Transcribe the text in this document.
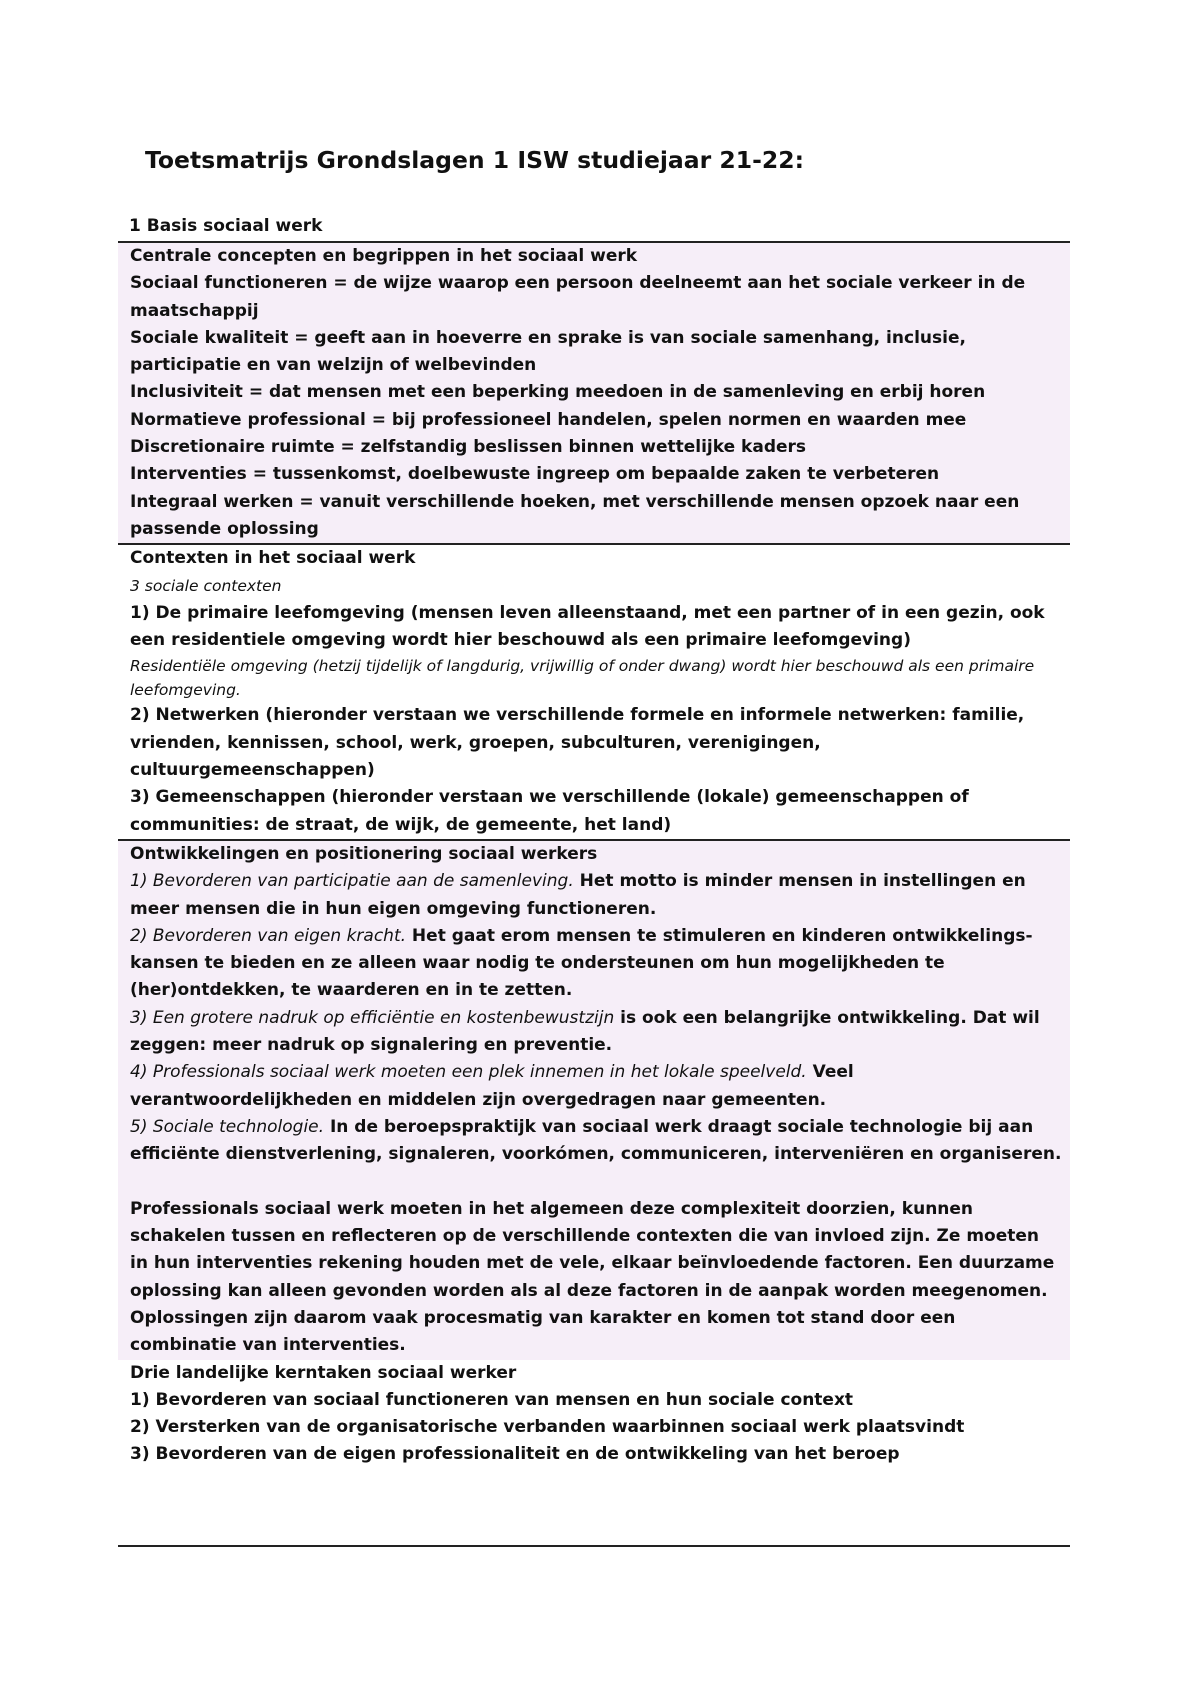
Toetsmatrijs Grondslagen 1 ISW studiejaar 21-22:
1 Basis sociaal werk

Centrale concepten en begrippen in het sociaal werk

Sociaal functioneren = de wijze waarop een persoon deelneemt aan het sociale verkeer in de maatschappij

Sociale kwaliteit = geeft aan in hoeverre en sprake is van sociale samenhang, inclusie, participatie en van welzijn of welbevinden

Inclusiviteit = dat mensen met een beperking meedoen in de samenleving en erbij horen

Normatieve professional = bij professioneel handelen, spelen normen en waarden mee

Discretionaire ruimte = zelfstandig beslissen binnen wettelijke kaders

Interventies = tussenkomst, doelbewuste ingreep om bepaalde zaken te verbeteren

Integraal werken = vanuit verschillende hoeken, met verschillende mensen opzoek naar een passende oplossing

Contexten in het sociaal werk

3 sociale contexten

1) De primaire leefomgeving (mensen leven alleenstaand, met een partner of in een gezin, ook een residentiele omgeving wordt hier beschouwd als een primaire leefomgeving)

Residentiële omgeving (hetzij tijdelijk of langdurig, vrijwillig of onder dwang) wordt hier beschouwd als een primaire leefomgeving.

2) Netwerken (hieronder verstaan we verschillende formele en informele netwerken: familie, vrienden, kennissen, school, werk, groepen, subculturen, verenigingen, cultuurgemeenschappen)

3) Gemeenschappen (hieronder verstaan we verschillende (lokale) gemeenschappen of communities: de straat, de wijk, de gemeente, het land)

Ontwikkelingen en positionering sociaal werkers

1) Bevorderen van participatie aan de samenleving. Het motto is minder mensen in instellingen en meer mensen die in hun eigen omgeving functioneren.

2) Bevorderen van eigen kracht. Het gaat erom mensen te stimuleren en kinderen ontwikkelings-kansen te bieden en ze alleen waar nodig te ondersteunen om hun mogelijkheden te (her)ontdekken, te waarderen en in te zetten.

3) Een grotere nadruk op efficiëntie en kostenbewustzijn is ook een belangrijke ontwikkeling. Dat wil zeggen: meer nadruk op signalering en preventie.

4) Professionals sociaal werk moeten een plek innemen in het lokale speelveld. Veel verantwoordelijkheden en middelen zijn overgedragen naar gemeenten.

5) Sociale technologie. In de beroepspraktijk van sociaal werk draagt sociale technologie bij aan efficiënte dienstverlening, signaleren, voorkómen, communiceren, interveniëren en organiseren.

Professionals sociaal werk moeten in het algemeen deze complexiteit doorzien, kunnen schakelen tussen en reflecteren op de verschillende contexten die van invloed zijn. Ze moeten in hun interventies rekening houden met de vele, elkaar beïnvloedende factoren. Een duurzame oplossing kan alleen gevonden worden als al deze factoren in de aanpak worden meegenomen. Oplossingen zijn daarom vaak procesmatig van karakter en komen tot stand door een combinatie van interventies.

Drie landelijke kerntaken sociaal werker

1) Bevorderen van sociaal functioneren van mensen en hun sociale context

2) Versterken van de organisatorische verbanden waarbinnen sociaal werk plaatsvindt

3) Bevorderen van de eigen professionaliteit en de ontwikkeling van het beroep
